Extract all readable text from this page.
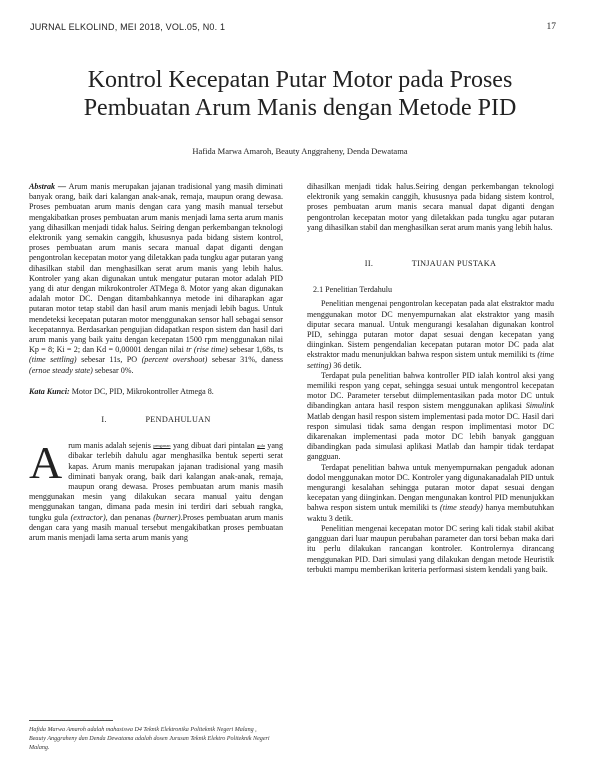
JURNAL ELKOLIND, MEI 2018, VOL.05, N0. 1	17
Kontrol Kecepatan Putar Motor pada Proses
Pembuatan Arum Manis dengan Metode PID
Hafida Marwa Amaroh, Beauty Anggraheny, Denda Dewatama

Abstrak — Arum manis merupakan jajanan tradisional yang masih diminati banyak orang, baik dari kalangan anak-anak, remaja, maupun orang dewasa. Proses pembuatan arum manis dengan cara yang masih manual tersebut mengakibatkan proses pembuatan arum manis menjadi lama serta arum manis yang dihasilkan menjadi tidak halus. Seiring dengan perkembangan teknologi elektronik yang semakin canggih, khususnya pada bidang sistem kontrol, proses pembuatan arum manis secara manual dapat diganti dengan pengontrolan kecepatan motor yang diletakkan pada tungku agar putaran yang dihasilkan stabil dan menghasilkan serat arum manis yang lebih halus. Kontroler yang akan digunakan untuk mengatur putaran motor adalah PID yang di atur dengan mikrokontroler ATMega 8. Motor yang akan digunakan adalah motor DC. Dengan ditambahkannya metode ini diharapkan agar putaran motor tetap stabil dan hasil arum manis menjadi lebih bagus. Untuk mendeteksi kecepatan putaran motor menggunakan sensor hall sebagai sensor kecepatannya. Berdasarkan pengujian didapatkan respon sistem dan hasil dari arum manis yang baik yaitu dengan kecepatan 1500 rpm menggunakan nilai Kp = 8; Ki = 2; dan Kd = 0,00001 dengan nilai tr (rise time) sebesar 1,68s, ts (time settling) sebesar 11s, PO (percent overshoot) sebesar 31%, daness (ernoe steady state) sebesar 0%.

Kata Kunci: Motor DC, PID, Mikrokontroller Atmega 8.

I.	PENDAHULUAN

A rum manis adalah sejenis penganan yang dibuat dari pintalan gula yang dibakar terlebih dahulu agar menghasilka bentuk seperti serat kapas. Arum manis merupakan jajanan tradisional yang masih diminati banyak orang, baik dari kalangan anak-anak, remaja, maupun orang dewasa. Proses pembuatan arum manis masih menggunakan mesin yang dilakukan secara manual yaitu dengan menggunakan tangan, dimana pada mesin ini terdiri dari sebuah rangka, tungku gula (extractor), dan penanas (burner).Proses pembuatan arum manis dengan cara yang masih manual tersebut mengakibatkan proses pembuatan arum manis menjadi lama serta arum manis yang

dihasilkan menjadi tidak halus.Seiring dengan perkembangan teknologi elektronik yang semakin canggih, khususnya pada bidang sistem kontrol, proses pembuatan arum manis secara manual dapat diganti dengan pengontrolan kecepatan motor yang diletakkan pada tungku agar putaran yang dihasilkan stabil dan menghasilkan serat arum manis yang lebih halus.

II.	TINJAUAN PUSTAKA

2.1 Penelitian Terdahulu

Penelitian mengenai pengontrolan kecepatan pada alat ekstraktor madu menggunakan motor DC menyempurnakan alat ekstraktor yang masih diputar secara manual. Untuk mengurangi kesalahan digunakan kontrol PID, sehingga putaran motor dapat sesuai dengan kecepatan yang diinginkan. Sistem pengendalian kecepatan putaran motor DC pada alat ekstraktor madu menunjukkan bahwa respon sistem untuk memiliki ts (time setting) 36 detik.

Terdapat pula penelitian bahwa kontroller PID ialah kontrol aksi yang memiliki respon yang cepat, sehingga sesuai untuk mengontrol kecepatan motor DC. Parameter tersebut diimplementasikan pada motor DC untuk dibandingkan antara hasil respon sistem menggunakan aplikasi Simulink Matlab dengan hasil respon sistem implementasi pada motor DC. Hasil dari respon simulasi tidak sama dengan respon implimentasi motor DC dikarenakan implementasi pada motor DC lebih banyak gangguan dibandingkan pada simulasi aplikasi Matlab dan hampir tidak terdapat gangguan.

Terdapat penelitian bahwa untuk menyempurnakan pengaduk adonan dodol menggunakan motor DC. Kontroler yang digunakanadalah PID untuk mengurangi kesalahan sehingga putaran motor dapat sesuai dengan kecepatan yang diinginkan. Dengan mengunakan kontrol PID menunjukkan bahwa respon sistem untuk memiliki ts (time steady) hanya membutuhkan waktu 3 detik.

Penelitian mengenai kecepatan motor DC sering kali tidak stabil akibat gangguan dari luar maupun perubahan parameter dan torsi beban maka dari itu perlu dilakukan rancangan kontroler. Kontrolernya dirancang menggunakan PID. Dari simulasi yang dilakukan dengan metode Heuristik terbukti mampu memberikan kriteria performasi sistem kendali yang baik.

Hafida Marwa Amaroh adalah mahasiswa D4 Teknik Elektronika Politeknik Negeri Malang ,

Beauty Anggraheny dan Denda Dewatama adalah dosen Jurusan Teknik Elektro Politeknik Negeri Malang.
